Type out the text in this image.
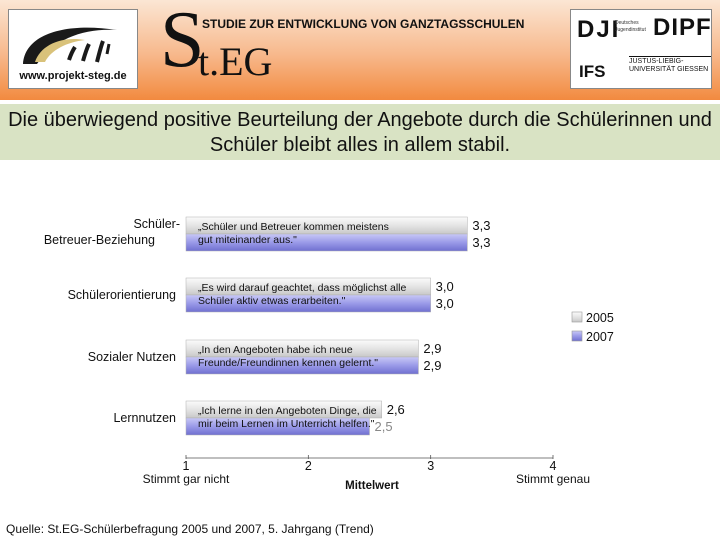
www.projekt-steg.de S
t.EG
STUDIE ZUR ENTWICKLUNG VON GANZTAGSSCHULEN DJI
Deutsches Jugendinstitut DIPF
IFS
JUSTUS-LIEBIG-UNIVERSITÄT GIESSEN
Die überwiegend positive Beurteilung der Angebote durch die Schülerinnen und Schüler bleibt alles in allem stabil.
Schüler-
Betreuer-Beziehung
Schülerorientierung
Sozialer Nutzen
Lernnutzen
3,3
3,0
2,9
2,6
3,3
3,0
2,9
2,5
„Schüler und Betreuer kommen meistens
gut miteinander aus."
„Es wird darauf geachtet, dass möglichst alle
Schüler aktiv etwas erarbeiten."
„In den Angeboten habe ich neue
Freunde/Freundinnen kennen gelernt."
„Ich lerne in den Angeboten Dinge, die
mir beim Lernen im Unterricht helfen."
1	2	3	4
Stimmt gar nicht	Stimmt genau
Mittelwert
2005
2007
Quelle: St.EG-Schülerbefragung 2005 und 2007, 5. Jahrgang (Trend)
